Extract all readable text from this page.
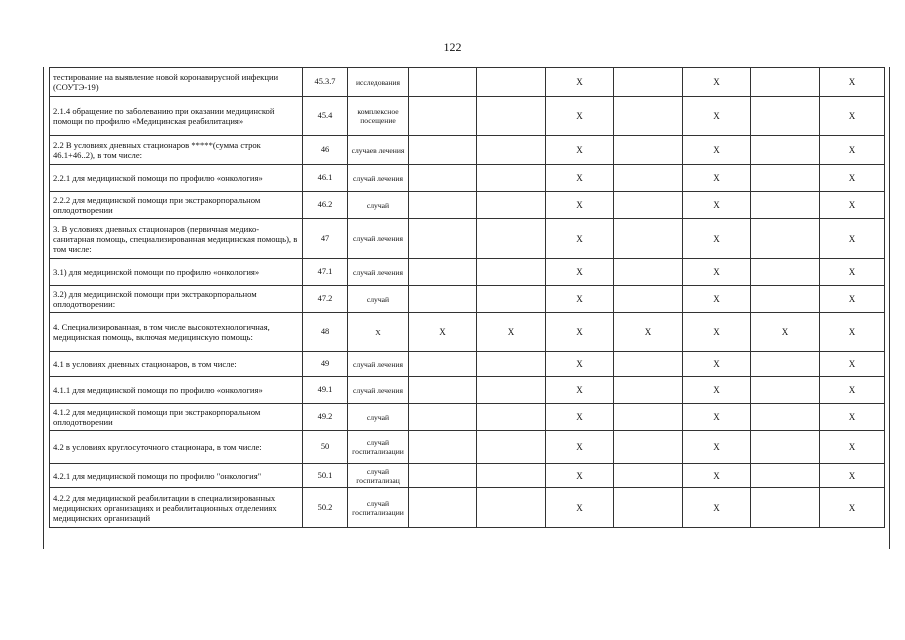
122
тестирование на выявление новой коронавирусной инфекции (СОУТЭ-19)	45.3.7	исследования			X		X		X
2.1.4 обращение по заболеванию при оказании медицинской помощи по профилю «Медицинская реабилитация»	45.4	комплексное посещение			X		X		X
2.2 В условиях дневных стационаров *****(сумма строк 46.1+46..2), в том числе:	46	случаев лечения			X		X		X
2.2.1 для медицинской помощи по профилю «онкология»	46.1	случай лечения			X		X		X
2.2.2 для медицинской помощи при экстракорпоральном оплодотворении	46.2	случай			X		X		X
3. В условиях дневных стационаров (первичная медико-санитарная помощь, специализированная медицинская помощь), в том числе:	47	случай лечения			X		X		X
3.1) для медицинской помощи по профилю «онкология»	47.1	случай лечения			X		X		X
3.2) для медицинской помощи при экстракорпоральном оплодотворении:	47.2	случай			X		X		X
4. Специализированная, в том числе высокотехнологичная, медицинская помощь, включая медицинскую помощь:	48	X	X	X	X	X	X	X	X
4.1 в условиях дневных стационаров, в том числе:	49	случай лечения			X		X		X
4.1.1 для медицинской помощи по профилю «онкология»	49.1	случай лечения			X		X		X
4.1.2 для медицинской помощи при экстракорпоральном оплодотворении	49.2	случай			X		X		X
4.2 в условиях круглосуточного стационара, в том числе:	50	случай госпитализации			X		X		X
4.2.1 для медицинской помощи по профилю "онкология"	50.1	случай госпитализац			X		X		X
4.2.2 для медицинской реабилитации в специализированных медицинских организациях и реабилитационных отделениях медицинских организаций	50.2	случай госпитализации			X		X		X
